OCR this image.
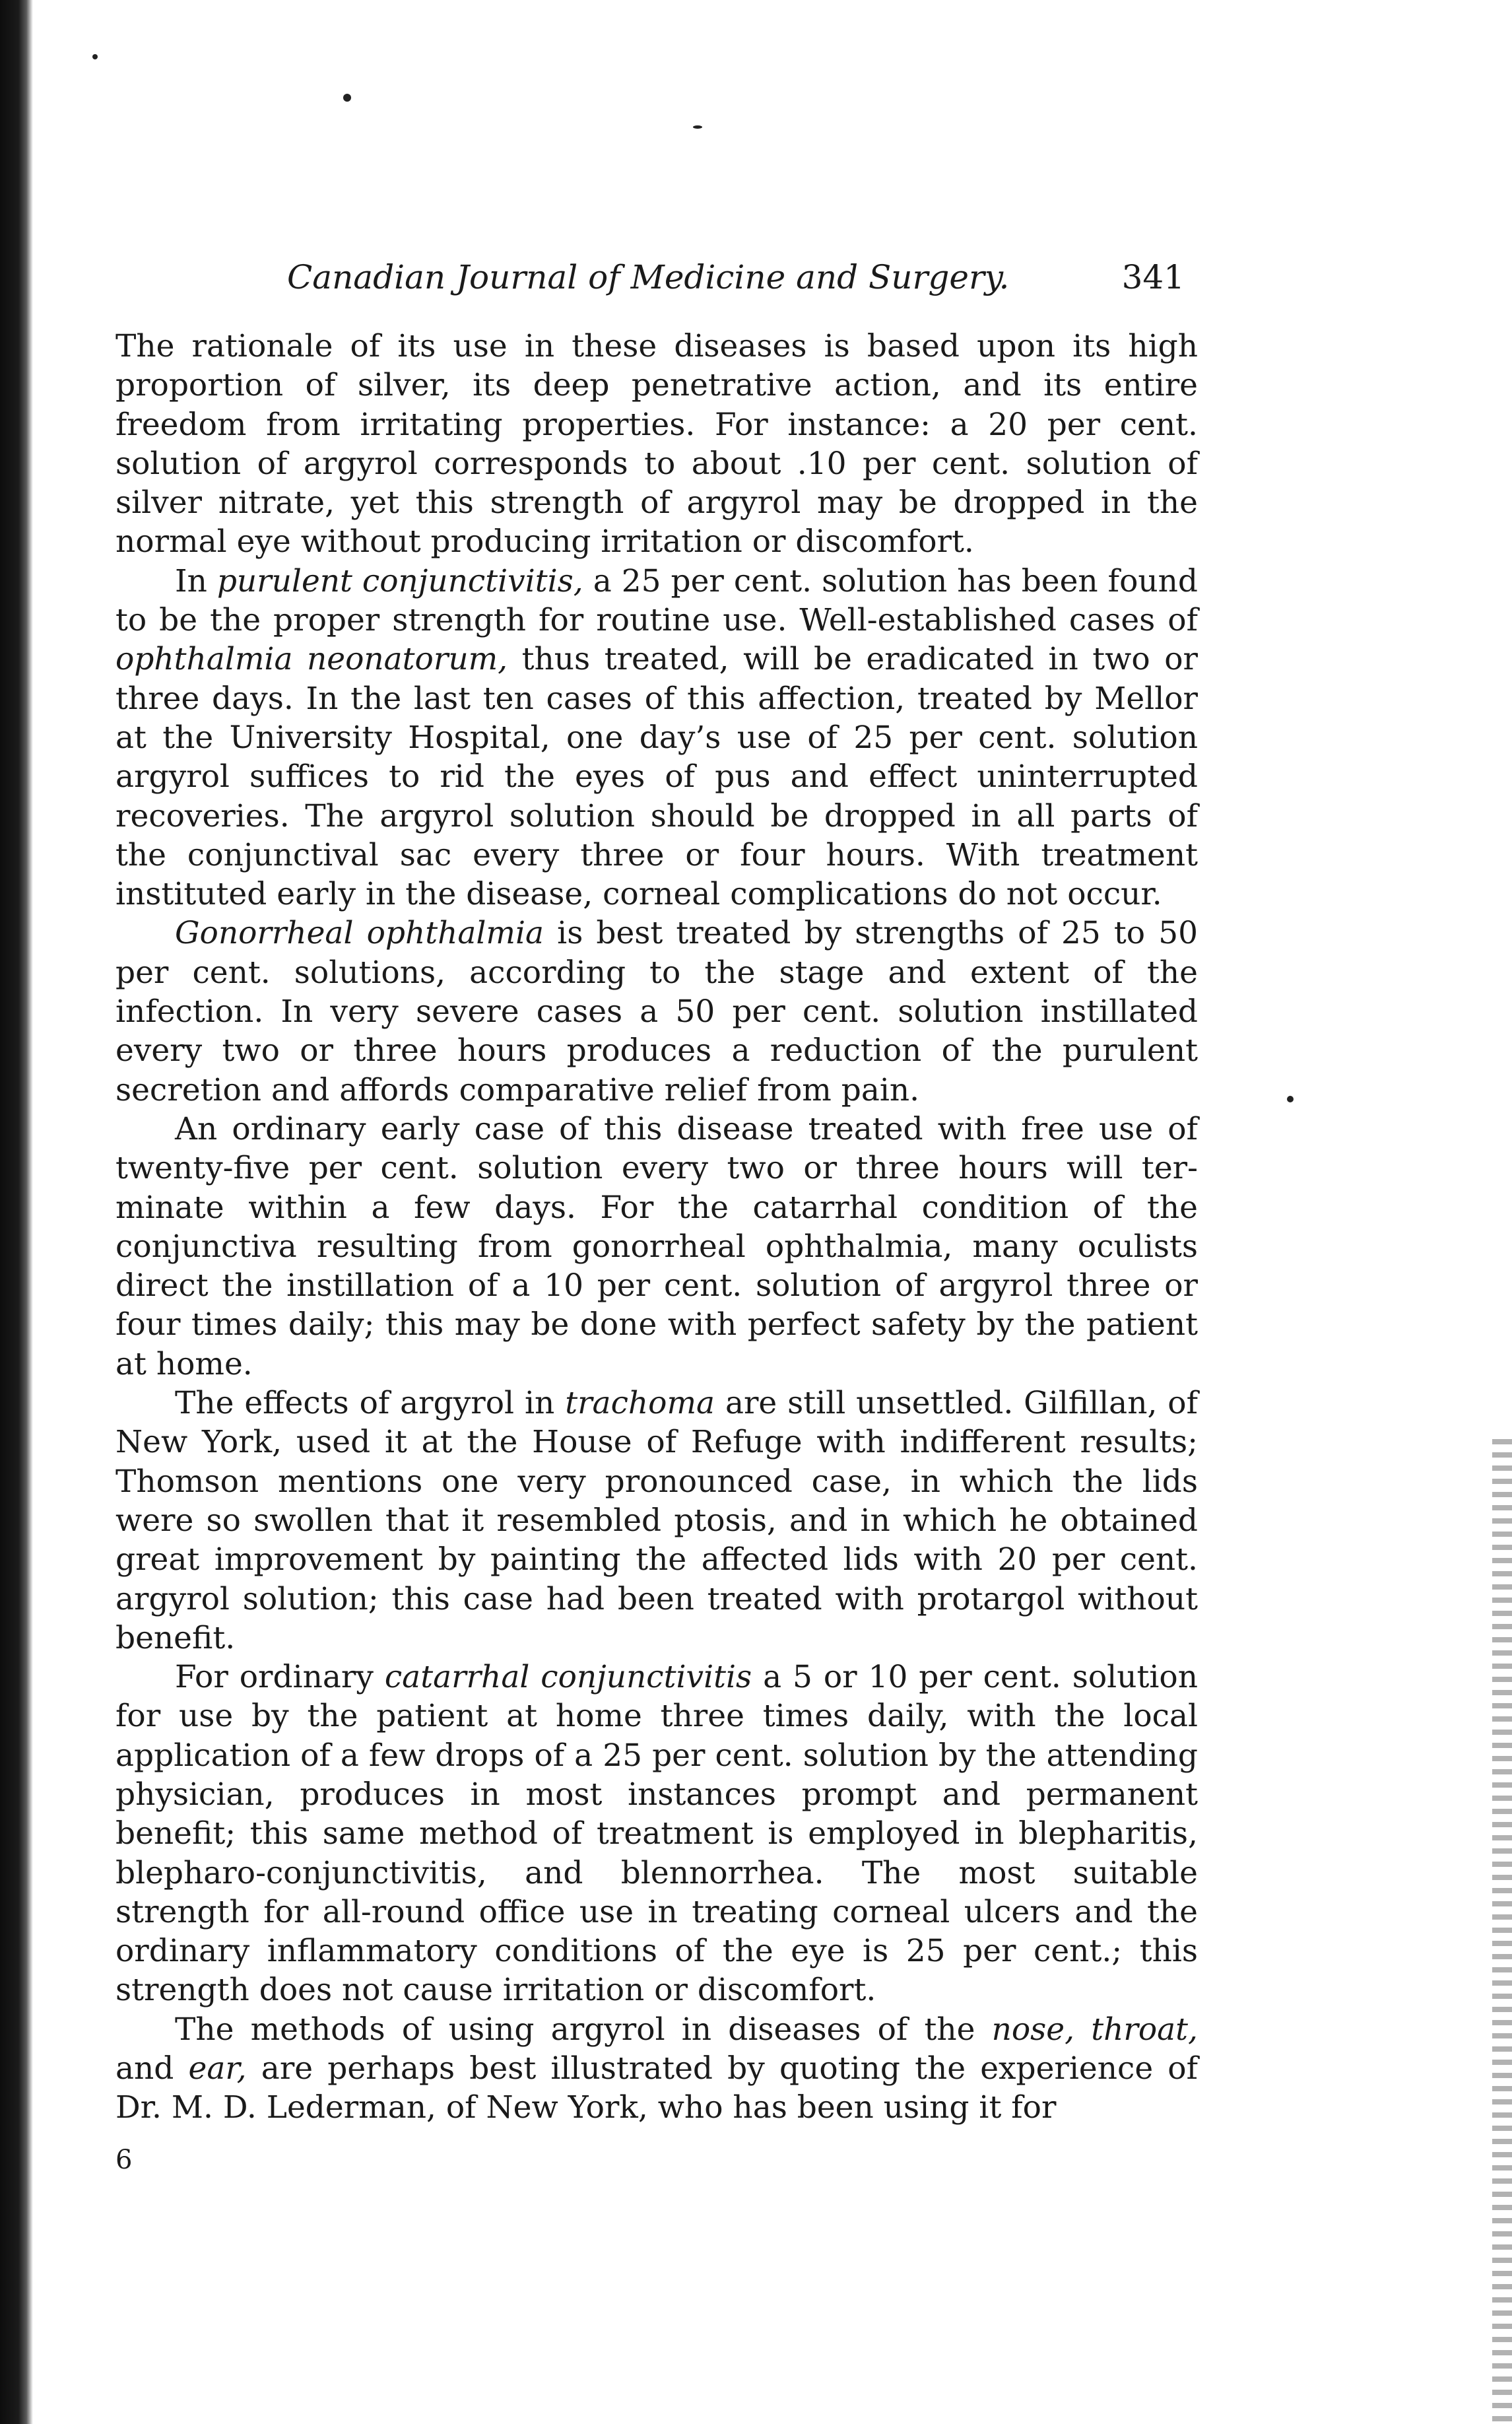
Canadian Journal of Medicine and Surgery.	341

The rationale of its use in these diseases is based upon its high proportion of silver, its deep penetrative action, and its entire freedom from irritating properties. For instance: a 20 per cent. solution of argyrol corresponds to about .10 per cent. solution of silver nitrate, yet this strength of argyrol may be dropped in the normal eye without producing irritation or discomfort.

In purulent conjunctivitis, a 25 per cent. solution has been found to be the proper strength for routine use. Well-established cases of ophthalmia neonatorum, thus treated, will be eradicated in two or three days. In the last ten cases of this affection, treated by Mellor at the University Hospital, one day’s use of 25 per cent. solution argyrol suffices to rid the eyes of pus and effect uninterrupted recoveries. The argyrol solution should be dropped in all parts of the conjunctival sac every three or four hours. With treatment instituted early in the disease, corneal complications do not occur.

Gonorrheal ophthalmia is best treated by strengths of 25 to 50 per cent. solutions, according to the stage and extent of the infection. In very severe cases a 50 per cent. solution instillated every two or three hours produces a reduction of the purulent secretion and affords comparative relief from pain.

An ordinary early case of this disease treated with free use of twenty-five per cent. solution every two or three hours will terminate within a few days. For the catarrhal condition of the conjunctiva resulting from gonorrheal ophthalmia, many oculists direct the instillation of a 10 per cent. solution of argyrol three or four times daily; this may be done with perfect safety by the patient at home.

The effects of argyrol in trachoma are still unsettled. Gilfillan, of New York, used it at the House of Refuge with indifferent results; Thomson mentions one very pronounced case, in which the lids were so swollen that it resembled ptosis, and in which he obtained great improvement by painting the affected lids with 20 per cent. argyrol solution; this case had been treated with protargol without benefit.

For ordinary catarrhal conjunctivitis a 5 or 10 per cent. solution for use by the patient at home three times daily, with the local application of a few drops of a 25 per cent. solution by the attending physician, produces in most instances prompt and permanent benefit; this same method of treatment is employed in blepharitis, blepharo-conjunctivitis, and blennorrhea. The most suitable strength for all-round office use in treating corneal ulcers and the ordinary inflammatory conditions of the eye is 25 per cent.; this strength does not cause irritation or discomfort.

The methods of using argyrol in diseases of the nose, throat, and ear, are perhaps best illustrated by quoting the experience of Dr. M. D. Lederman, of New York, who has been using it for

6
